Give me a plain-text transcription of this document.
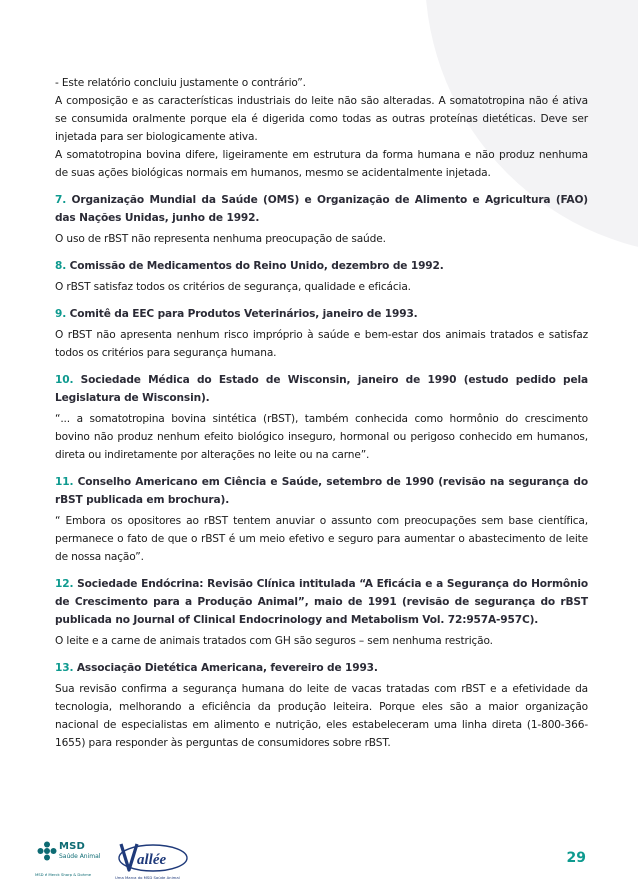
- Este relatório concluiu justamente o contrário”.

A composição e as características industriais do leite não são alteradas. A somatotropina não é ativa se consumida oralmente porque ela é digerida como todas as outras proteínas dietéticas. Deve ser injetada para ser biologicamente ativa.

A somatotropina bovina difere, ligeiramente em estrutura da forma humana e não produz nenhuma de suas ações biológicas normais em humanos, mesmo se acidentalmente injetada.

7. Organização Mundial da Saúde (OMS) e Organização de Alimento e Agricultura (FAO) das Nações Unidas, junho de 1992.

O uso de rBST não representa nenhuma preocupação de saúde.

8. Comissão de Medicamentos do Reino Unido, dezembro de 1992.

O rBST satisfaz todos os critérios de segurança, qualidade e eficácia.

9. Comitê da EEC para Produtos Veterinários, janeiro de 1993.

O rBST não apresenta nenhum risco impróprio à saúde e bem-estar dos animais tratados e satisfaz todos os critérios para segurança humana.

10. Sociedade Médica do Estado de Wisconsin, janeiro de 1990 (estudo pedido pela Legislatura de Wisconsin).

“... a somatotropina bovina sintética (rBST), também conhecida como hormônio do crescimento bovino não produz nenhum efeito biológico inseguro, hormonal ou perigoso conhecido em humanos, direta ou indiretamente por alterações no leite ou na carne”.

11. Conselho Americano em Ciência e Saúde, setembro de 1990 (revisão na segurança do rBST publicada em brochura).

“ Embora os opositores ao rBST tentem anuviar o assunto com preocupações sem base científica, permanece o fato de que o rBST é um meio efetivo e seguro para aumentar o abastecimento de leite de nossa nação”.

12. Sociedade Endócrina: Revisão Clínica intitulada “A Eficácia e a Segurança do Hormônio de Crescimento para a Produção Animal”, maio de 1991 (revisão de segurança do rBST publicada no Journal of Clinical Endocrinology and Metabolism Vol. 72:957A-957C).

O leite e a carne de animais tratados com GH são seguros – sem nenhuma restrição.

13. Associação Dietética Americana, fevereiro de 1993.

Sua revisão confirma a segurança humana do leite de vacas tratadas com rBST e a efetividade da tecnologia, melhorando a eficiência da produção leiteira. Porque eles são a maior organização nacional de especialistas em alimento e nutrição, eles estabeleceram uma linha direta (1-800-366-1655) para responder às perguntas de consumidores sobre rBST.

MSD
Saúde Animal
MSD é Merck Sharp & Dohme
allée
Uma Marca do MSD Saúde Animal
29
